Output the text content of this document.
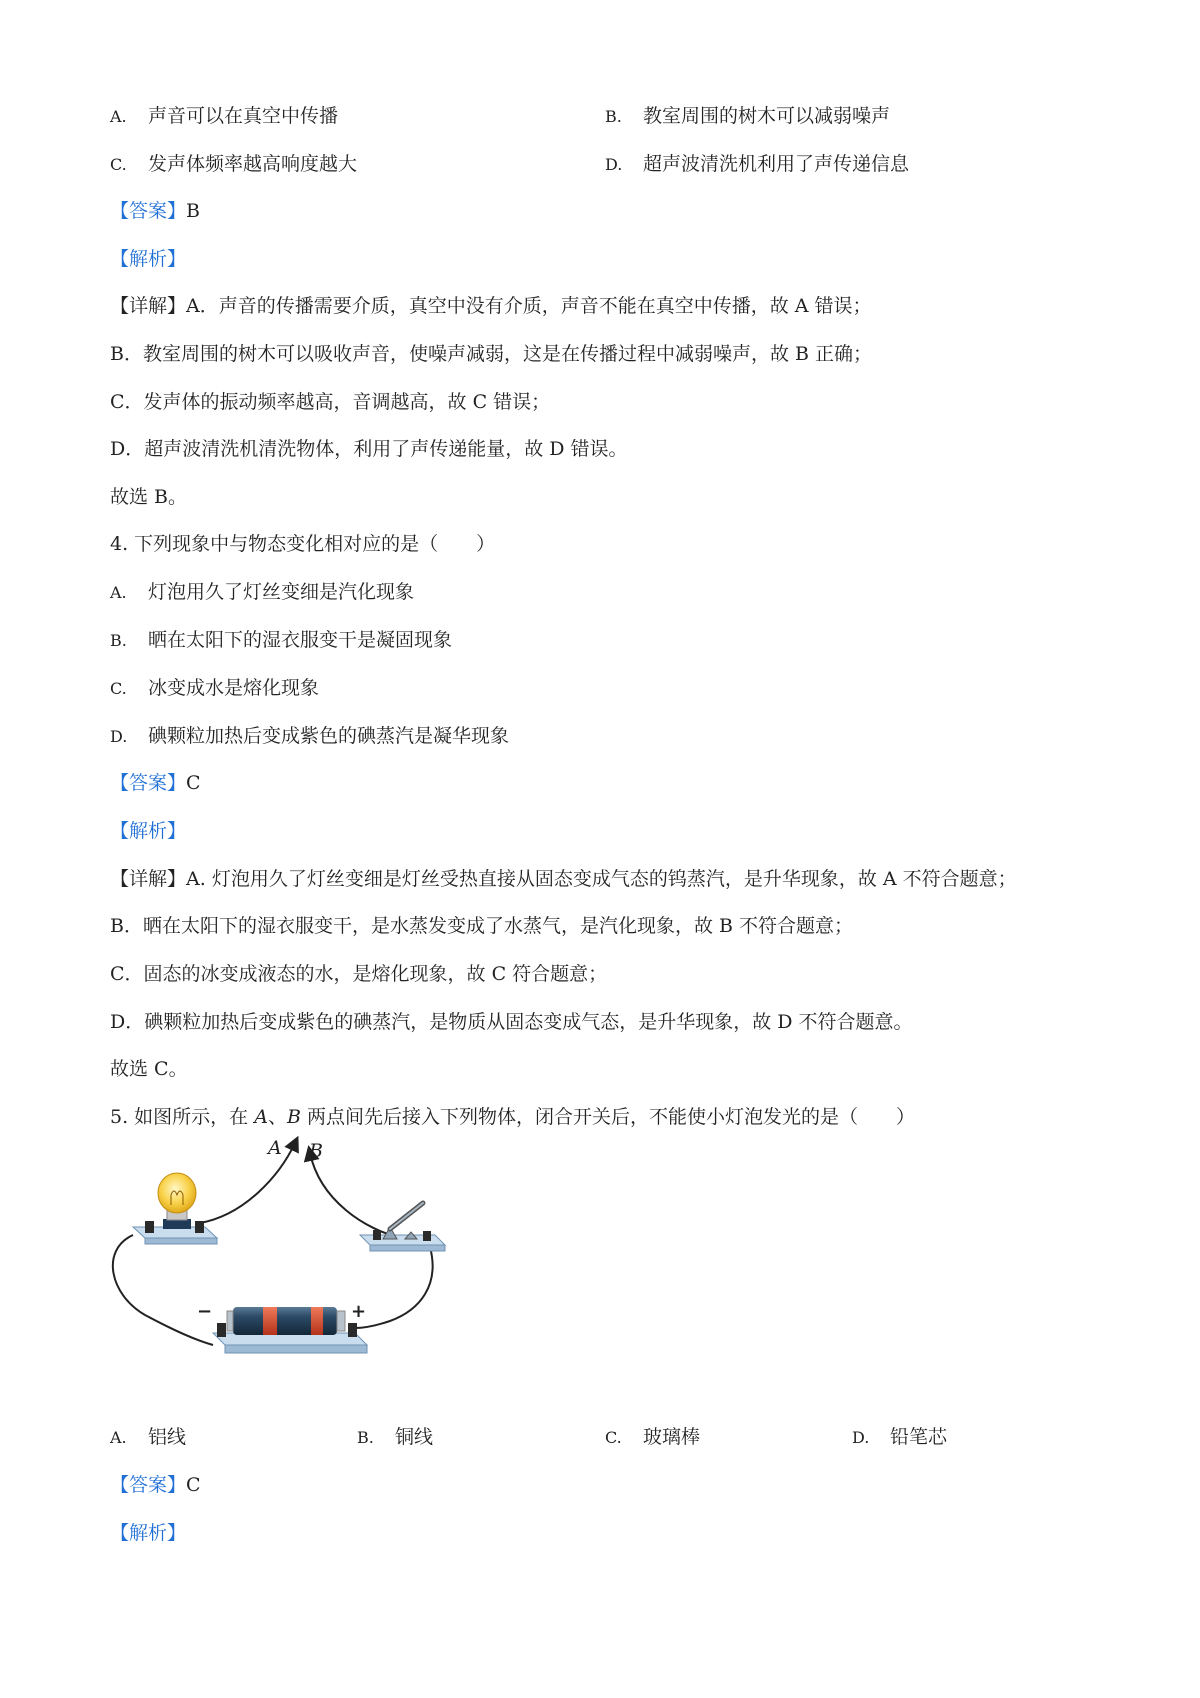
A. 声音可以在真空中传播	B. 教室周围的树木可以减弱噪声
C. 发声体频率越高响度越大	D. 超声波清洗机利用了声传递信息
【答案】B
【解析】
【详解】A．声音的传播需要介质，真空中没有介质，声音不能在真空中传播，故 A 错误；
B．教室周围的树木可以吸收声音，使噪声减弱，这是在传播过程中减弱噪声，故 B 正确；
C．发声体的振动频率越高，音调越高，故 C 错误；
D．超声波清洗机清洗物体，利用了声传递能量，故 D 错误。
故选 B。
4. 下列现象中与物态变化相对应的是（　　）
A. 灯泡用久了灯丝变细是汽化现象
B. 晒在太阳下的湿衣服变干是凝固现象
C. 冰变成水是熔化现象
D. 碘颗粒加热后变成紫色的碘蒸汽是凝华现象
【答案】C
【解析】
【详解】A. 灯泡用久了灯丝变细是灯丝受热直接从固态变成气态的钨蒸汽，是升华现象，故 A 不符合题意；
B．晒在太阳下的湿衣服变干，是水蒸发变成了水蒸气，是汽化现象，故 B 不符合题意；
C．固态的冰变成液态的水，是熔化现象，故 C 符合题意；
D．碘颗粒加热后变成紫色的碘蒸汽，是物质从固态变成气态，是升华现象，故 D 不符合题意。
故选 C。
5. 如图所示，在 A、B 两点间先后接入下列物体，闭合开关后，不能使小灯泡发光的是（　　）
A B
−	+
A. 铝线	B. 铜线	C. 玻璃棒	D. 铅笔芯
【答案】C
【解析】
